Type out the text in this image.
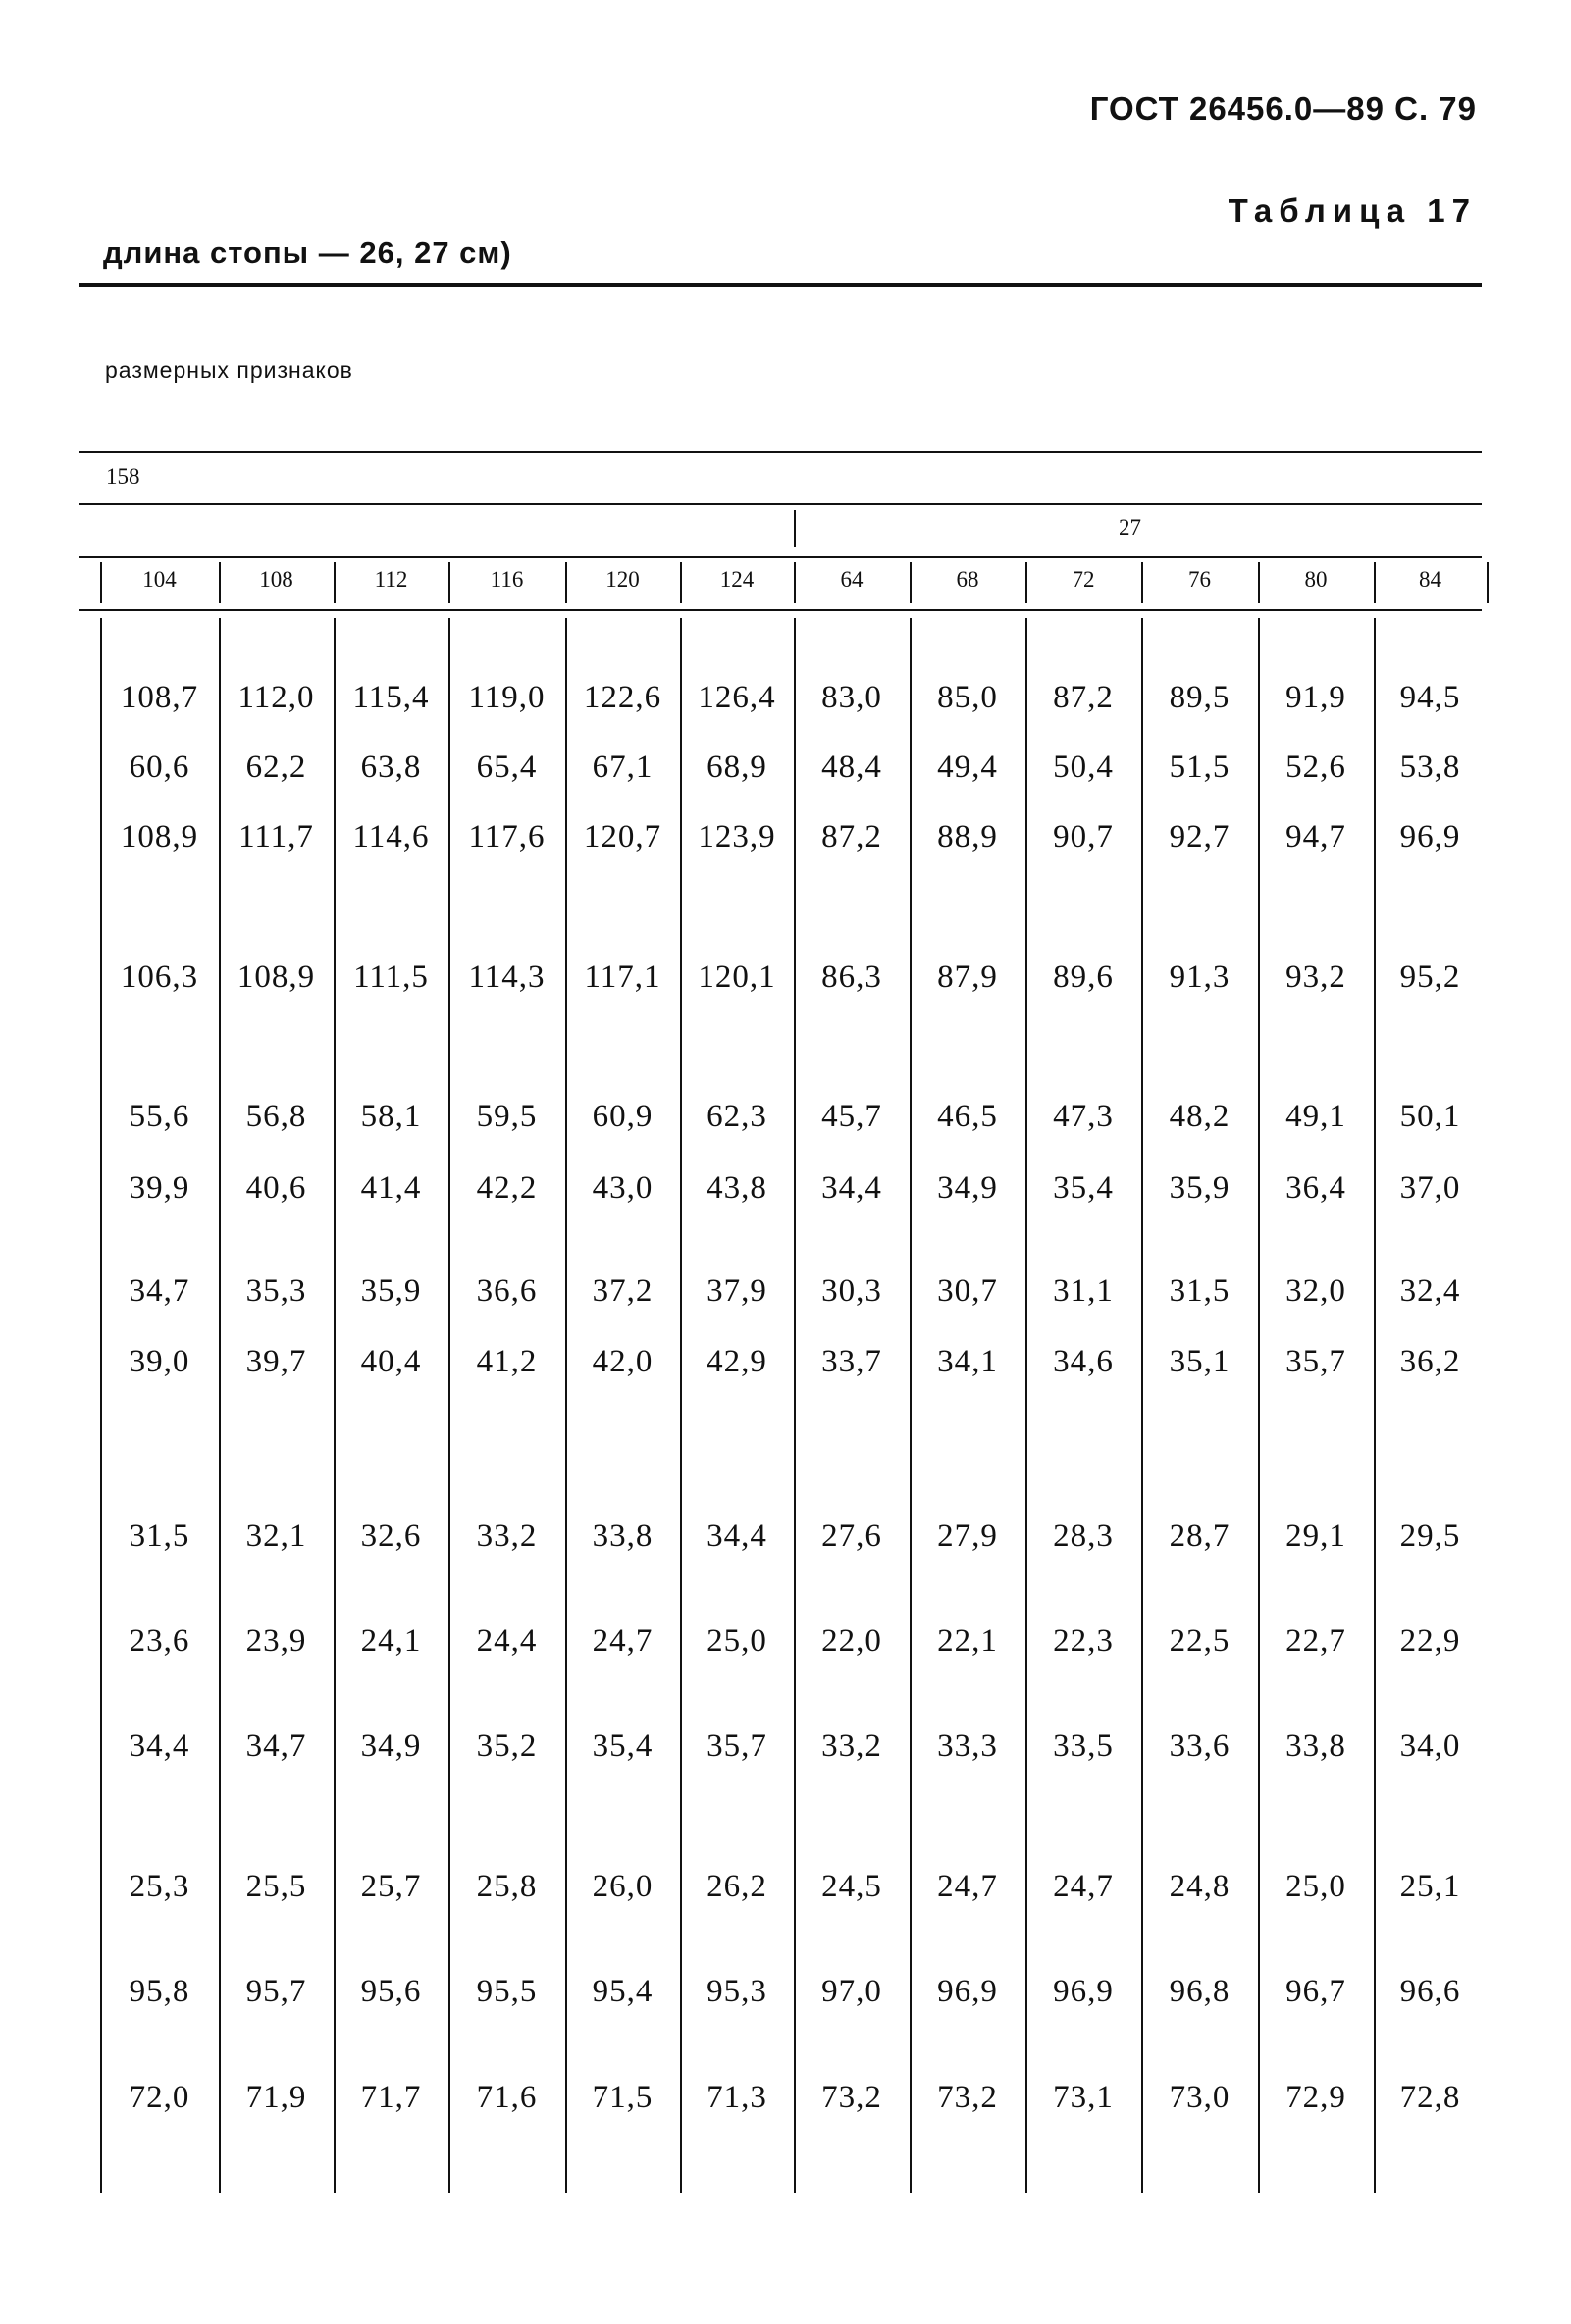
ГОСТ 26456.0—89 С. 79
Таблица 17
длина стопы — 26, 27 см)
размерных признаков
158
27
104	108	112	116	120	124	64	68	72	76	80	84
108,7	112,0	115,4	119,0	122,6	126,4	83,0	85,0	87,2	89,5	91,9	94,5
60,6	62,2	63,8	65,4	67,1	68,9	48,4	49,4	50,4	51,5	52,6	53,8
108,9	111,7	114,6	117,6	120,7	123,9	87,2	88,9	90,7	92,7	94,7	96,9
106,3	108,9	111,5	114,3	117,1	120,1	86,3	87,9	89,6	91,3	93,2	95,2
55,6	56,8	58,1	59,5	60,9	62,3	45,7	46,5	47,3	48,2	49,1	50,1
39,9	40,6	41,4	42,2	43,0	43,8	34,4	34,9	35,4	35,9	36,4	37,0
34,7	35,3	35,9	36,6	37,2	37,9	30,3	30,7	31,1	31,5	32,0	32,4
39,0	39,7	40,4	41,2	42,0	42,9	33,7	34,1	34,6	35,1	35,7	36,2
31,5	32,1	32,6	33,2	33,8	34,4	27,6	27,9	28,3	28,7	29,1	29,5
23,6	23,9	24,1	24,4	24,7	25,0	22,0	22,1	22,3	22,5	22,7	22,9
34,4	34,7	34,9	35,2	35,4	35,7	33,2	33,3	33,5	33,6	33,8	34,0
25,3	25,5	25,7	25,8	26,0	26,2	24,5	24,7	24,7	24,8	25,0	25,1
95,8	95,7	95,6	95,5	95,4	95,3	97,0	96,9	96,9	96,8	96,7	96,6
72,0	71,9	71,7	71,6	71,5	71,3	73,2	73,2	73,1	73,0	72,9	72,8
